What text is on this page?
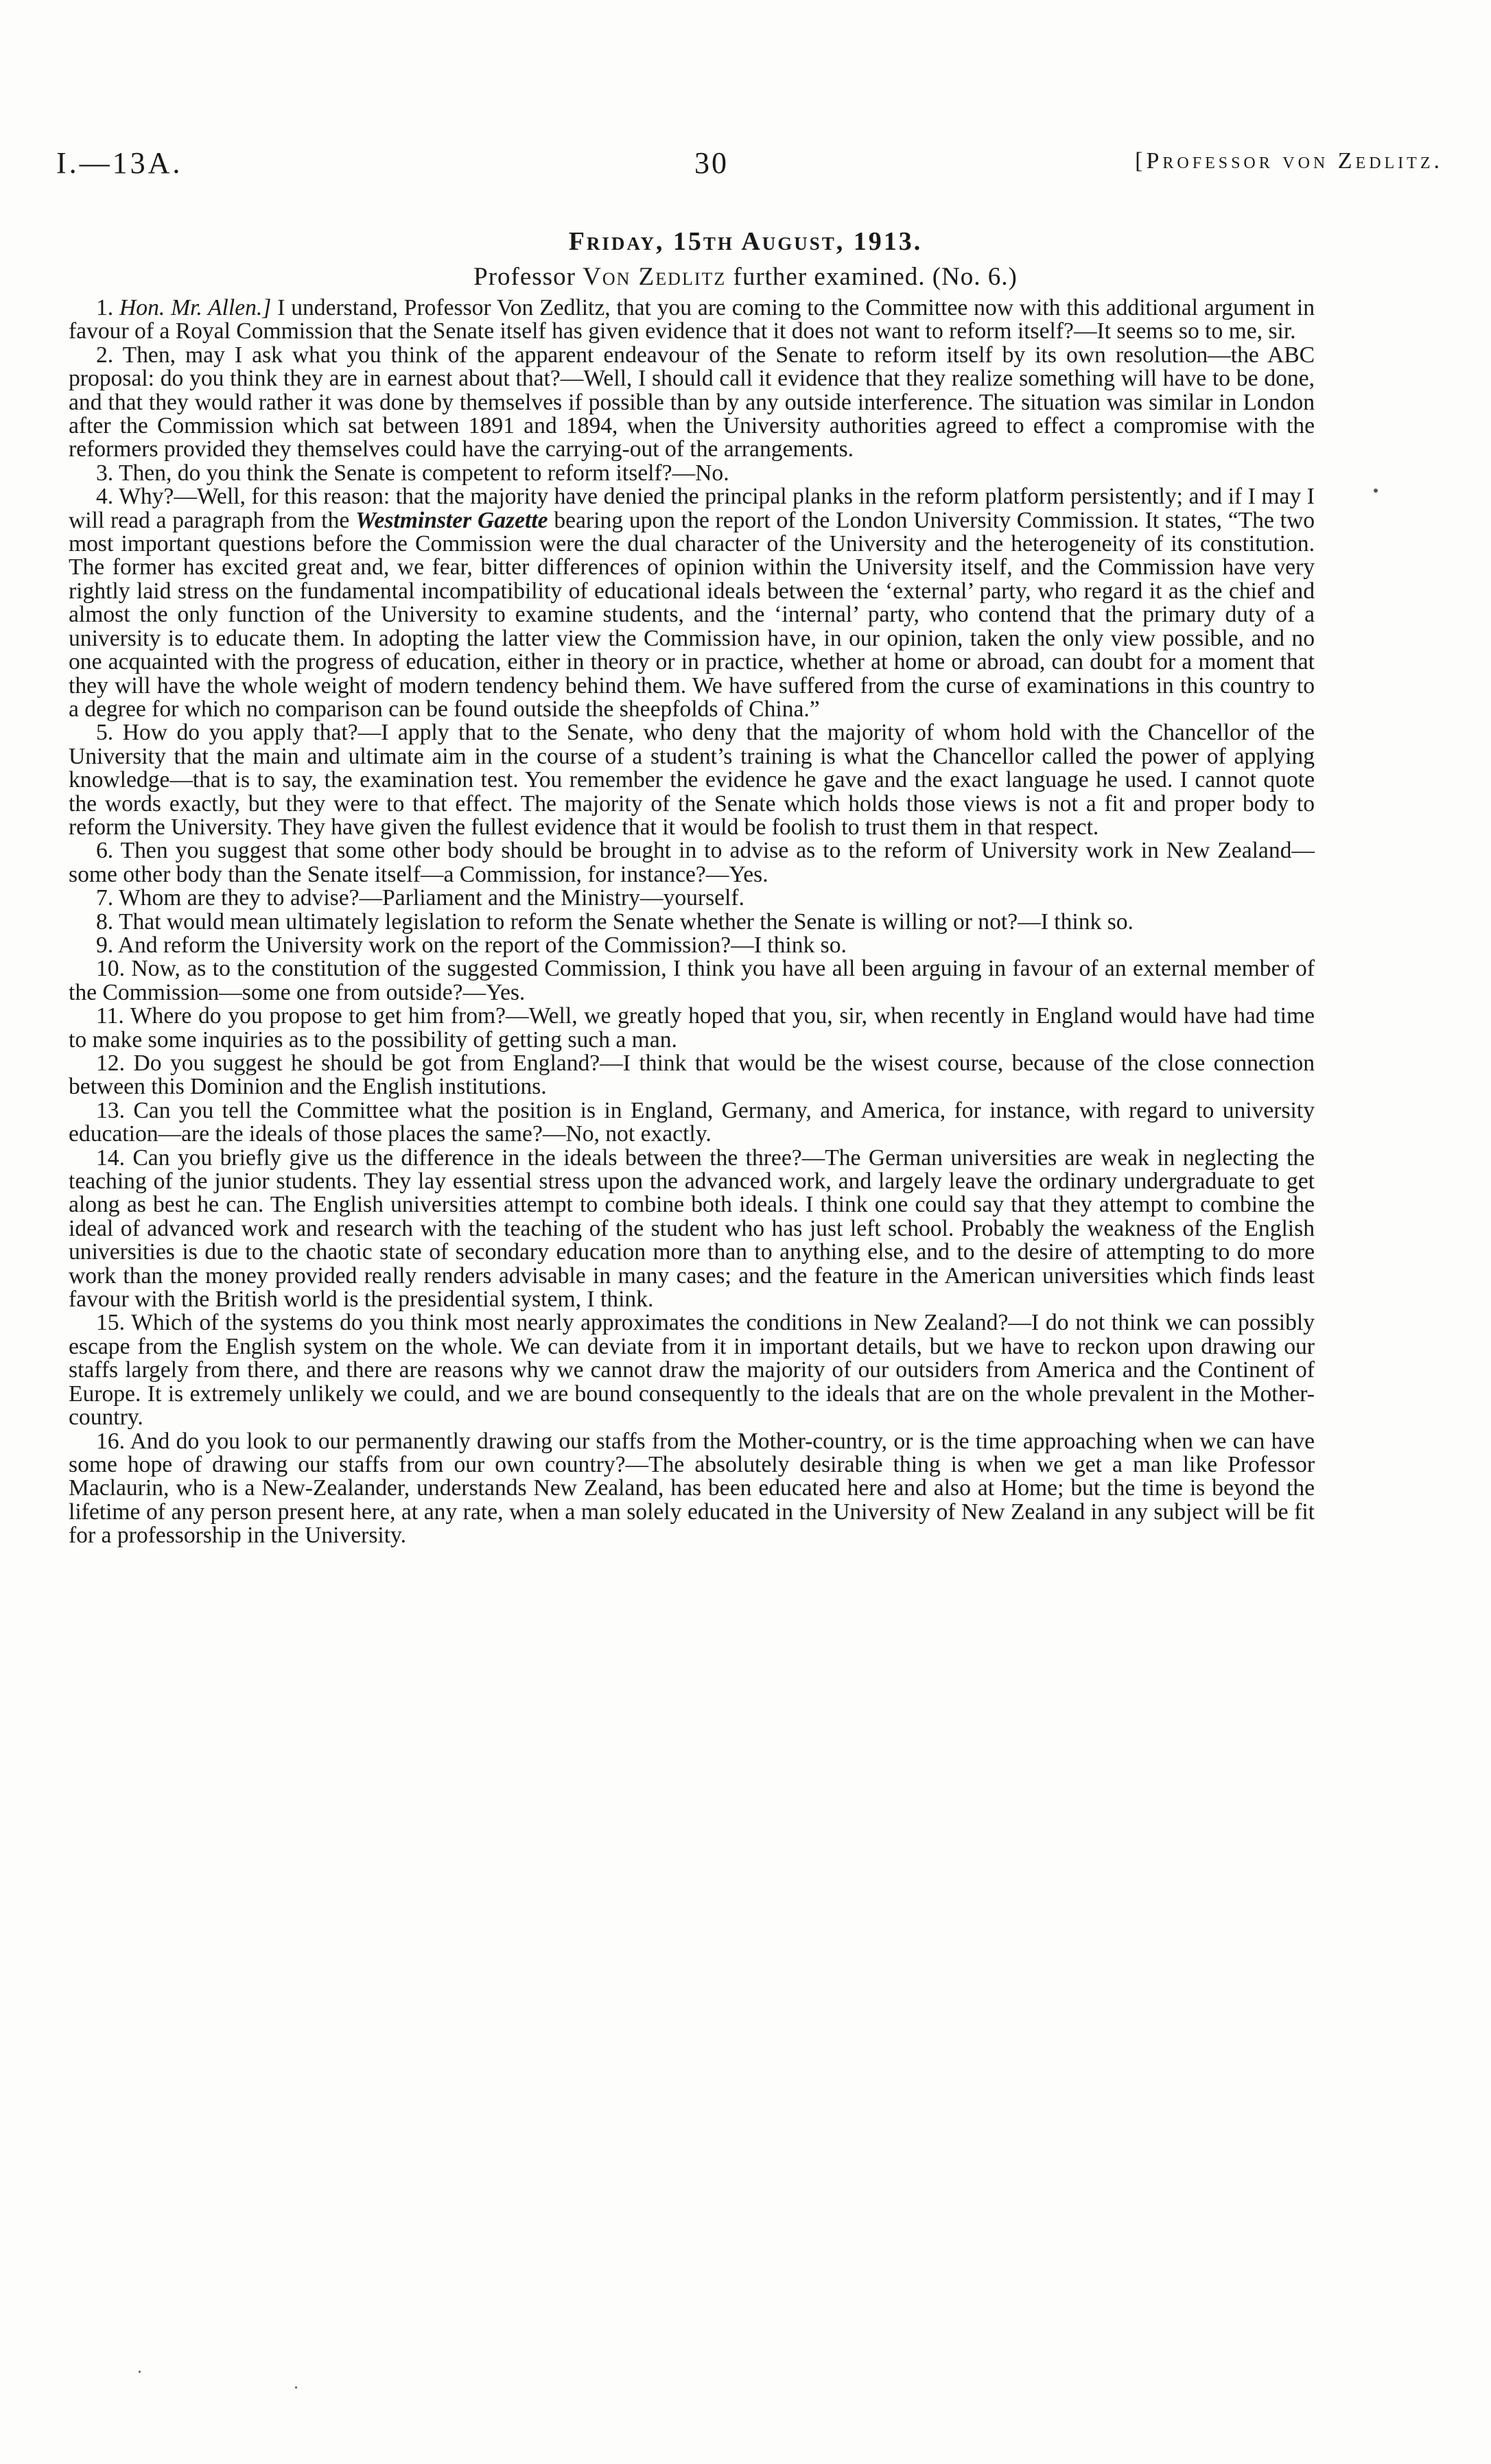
I.—13A.	30	[Professor von Zedlitz.
Friday, 15th August, 1913.
Professor Von Zedlitz further examined. (No. 6.)

1. Hon. Mr. Allen.] I understand, Professor Von Zedlitz, that you are coming to the Committee now with this additional argument in favour of a Royal Commission that the Senate itself has given evidence that it does not want to reform itself?—It seems so to me, sir.

2. Then, may I ask what you think of the apparent endeavour of the Senate to reform itself by its own resolution—the ABC proposal: do you think they are in earnest about that?—Well, I should call it evidence that they realize something will have to be done, and that they would rather it was done by themselves if possible than by any outside interference. The situation was similar in London after the Commission which sat between 1891 and 1894, when the University authorities agreed to effect a compromise with the reformers provided they themselves could have the carrying-out of the arrangements.

3. Then, do you think the Senate is competent to reform itself?—No.

4. Why?—Well, for this reason: that the majority have denied the principal planks in the reform platform persistently; and if I may I will read a paragraph from the Westminster Gazette bearing upon the report of the London University Commission. It states, “The two most important questions before the Commission were the dual character of the University and the heterogeneity of its constitution. The former has excited great and, we fear, bitter differences of opinion within the University itself, and the Commission have very rightly laid stress on the fundamental incompatibility of educational ideals between the ‘external’ party, who regard it as the chief and almost the only function of the University to examine students, and the ‘internal’ party, who contend that the primary duty of a university is to educate them. In adopting the latter view the Commission have, in our opinion, taken the only view possible, and no one acquainted with the progress of education, either in theory or in practice, whether at home or abroad, can doubt for a moment that they will have the whole weight of modern tendency behind them. We have suffered from the curse of examinations in this country to a degree for which no comparison can be found outside the sheepfolds of China.”

5. How do you apply that?—I apply that to the Senate, who deny that the majority of whom hold with the Chancellor of the University that the main and ultimate aim in the course of a student’s training is what the Chancellor called the power of applying knowledge—that is to say, the examination test. You remember the evidence he gave and the exact language he used. I cannot quote the words exactly, but they were to that effect. The majority of the Senate which holds those views is not a fit and proper body to reform the University. They have given the fullest evidence that it would be foolish to trust them in that respect.

6. Then you suggest that some other body should be brought in to advise as to the reform of University work in New Zealand—some other body than the Senate itself—a Commission, for instance?—Yes.

7. Whom are they to advise?—Parliament and the Ministry—yourself.

8. That would mean ultimately legislation to reform the Senate whether the Senate is willing or not?—I think so.

9. And reform the University work on the report of the Commission?—I think so.

10. Now, as to the constitution of the suggested Commission, I think you have all been arguing in favour of an external member of the Commission—some one from outside?—Yes.

11. Where do you propose to get him from?—Well, we greatly hoped that you, sir, when recently in England would have had time to make some inquiries as to the possibility of getting such a man.

12. Do you suggest he should be got from England?—I think that would be the wisest course, because of the close connection between this Dominion and the English institutions.

13. Can you tell the Committee what the position is in England, Germany, and America, for instance, with regard to university education—are the ideals of those places the same?—No, not exactly.

14. Can you briefly give us the difference in the ideals between the three?—The German universities are weak in neglecting the teaching of the junior students. They lay essential stress upon the advanced work, and largely leave the ordinary undergraduate to get along as best he can. The English universities attempt to combine both ideals. I think one could say that they attempt to combine the ideal of advanced work and research with the teaching of the student who has just left school. Probably the weakness of the English universities is due to the chaotic state of secondary education more than to anything else, and to the desire of attempting to do more work than the money provided really renders advisable in many cases; and the feature in the American universities which finds least favour with the British world is the presidential system, I think.

15. Which of the systems do you think most nearly approximates the conditions in New Zealand?—I do not think we can possibly escape from the English system on the whole. We can deviate from it in important details, but we have to reckon upon drawing our staffs largely from there, and there are reasons why we cannot draw the majority of our outsiders from America and the Continent of Europe. It is extremely unlikely we could, and we are bound consequently to the ideals that are on the whole prevalent in the Mother-country.

16. And do you look to our permanently drawing our staffs from the Mother-country, or is the time approaching when we can have some hope of drawing our staffs from our own country?—The absolutely desirable thing is when we get a man like Professor Maclaurin, who is a New-Zealander, understands New Zealand, has been educated here and also at Home; but the time is beyond the lifetime of any person present here, at any rate, when a man solely educated in the University of New Zealand in any subject will be fit for a professorship in the University.
